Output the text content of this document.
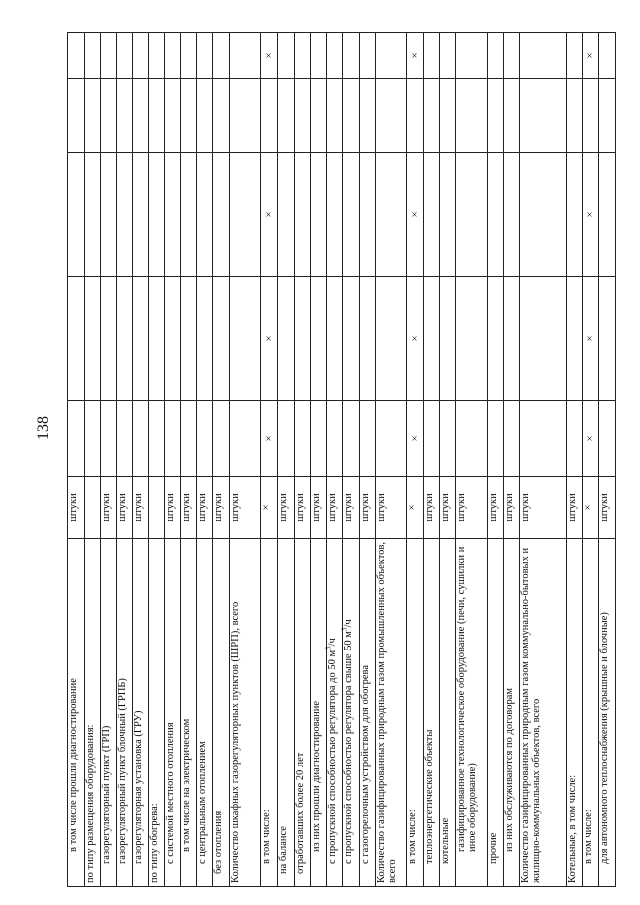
138
в том числе прошли диагностирование	штуки					
по типу размещения оборудования:						
газорегуляторный пункт (ГРП)	штуки					
газорегуляторный пункт блочный (ГРПБ)	штуки					
газорегуляторная установка (ГРУ)	штуки					
по типу обогрева:						
с системой местного отопления	штуки					
в том числе на электрическом	штуки					
с центральным отоплением	штуки					
без отопления	штуки					
Количество шкафных газорегуляторных пунктов (ШРП), всего	штуки					
в том числе:	×	×	×	×		×
на балансе	штуки					
отработавших более 20 лет	штуки					
из них прошли диагностирование	штуки					
с пропускной способностью регулятора до 50 $м^3/ч$	штуки					
с пропускной способностью регулятора свыше 50 $м^3/ч$	штуки					
с газогорелочным устройством для обогрева	штуки					
Количество газифицированных природным газом промышленных объектов, всего	штуки					
в том числе:	×	×	×	×		×
теплоэнергетические объекты	штуки					
котельные	штуки					
газифицированное технологическое оборудование (печи, сушилки и иное оборудование)	штуки					
прочие	штуки					
из них обслуживаются по договорам	штуки					
Количество газифицированных природным газом коммунально-бытовых и жилищно-коммунальных объектов, всего	штуки					
Котельные, в том числе:	штуки					
в том числе:	×	×	×	×		×
для автономного теплоснабжения (крышные и блочные)	штуки					
